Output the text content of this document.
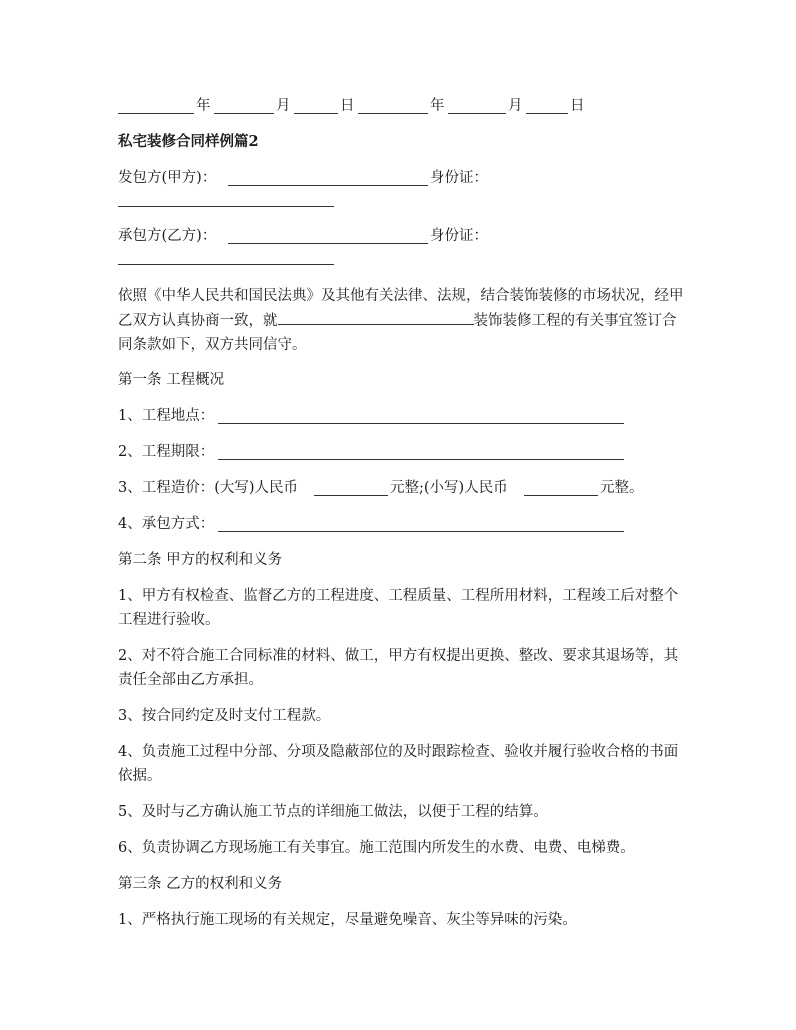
年	月	日	年	月	日
私宅装修合同样例篇2
发包方(甲方)：	身份证：
承包方(乙方)：	身份证：
依照《中华人民共和国民法典》及其他有关法律、法规，结合装饰装修的市场状况，经甲乙双方认真协商一致，就	装饰装修工程的有关事宜签订合同条款如下，双方共同信守。
第一条 工程概况
1、工程地点：
2、工程期限：
3、工程造价：(大写)人民币	元整;(小写)人民币	元整。
4、承包方式：
第二条 甲方的权利和义务
1、甲方有权检查、监督乙方的工程进度、工程质量、工程所用材料，工程竣工后对整个工程进行验收。
2、对不符合施工合同标准的材料、做工，甲方有权提出更换、整改、要求其退场等，其责任全部由乙方承担。
3、按合同约定及时支付工程款。
4、负责施工过程中分部、分项及隐蔽部位的及时跟踪检查、验收并履行验收合格的书面依据。
5、及时与乙方确认施工节点的详细施工做法，以便于工程的结算。
6、负责协调乙方现场施工有关事宜。施工范围内所发生的水费、电费、电梯费。
第三条 乙方的权利和义务
1、严格执行施工现场的有关规定，尽量避免噪音、灰尘等异味的污染。
